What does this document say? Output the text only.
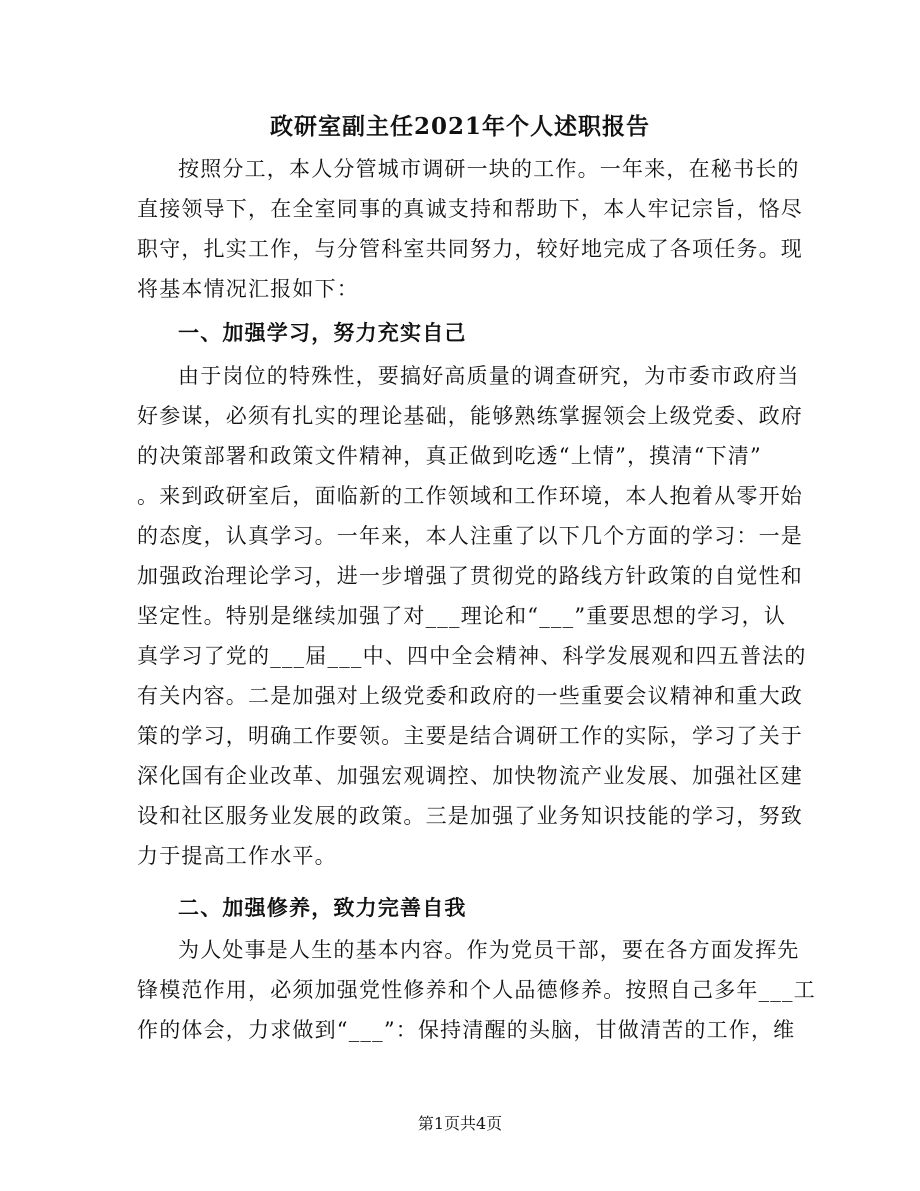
政研室副主任2021年个人述职报告
按照分工，本人分管城市调研一块的工作。一年来，在秘书长的
直接领导下，在全室同事的真诚支持和帮助下，本人牢记宗旨，恪尽
职守，扎实工作，与分管科室共同努力，较好地完成了各项任务。现
将基本情况汇报如下：
一、加强学习，努力充实自己
由于岗位的特殊性，要搞好高质量的调查研究，为市委市政府当
好参谋，必须有扎实的理论基础，能够熟练掌握领会上级党委、政府
的决策部署和政策文件精神，真正做到吃透“上情”，摸清“下清”
。来到政研室后，面临新的工作领域和工作环境，本人抱着从零开始
的态度，认真学习。一年来，本人注重了以下几个方面的学习：一是
加强政治理论学习，进一步增强了贯彻党的路线方针政策的自觉性和
坚定性。特别是继续加强了对___理论和“___”重要思想的学习，认
真学习了党的___届___中、四中全会精神、科学发展观和四五普法的
有关内容。二是加强对上级党委和政府的一些重要会议精神和重大政
策的学习，明确工作要领。主要是结合调研工作的实际，学习了关于
深化国有企业改革、加强宏观调控、加快物流产业发展、加强社区建
设和社区服务业发展的政策。三是加强了业务知识技能的学习，努致
力于提高工作水平。
二、加强修养，致力完善自我
为人处事是人生的基本内容。作为党员干部，要在各方面发挥先
锋模范作用，必须加强党性修养和个人品德修养。按照自己多年___工
作的体会，力求做到“___”：保持清醒的头脑，甘做清苦的工作，维
第1页共4页
